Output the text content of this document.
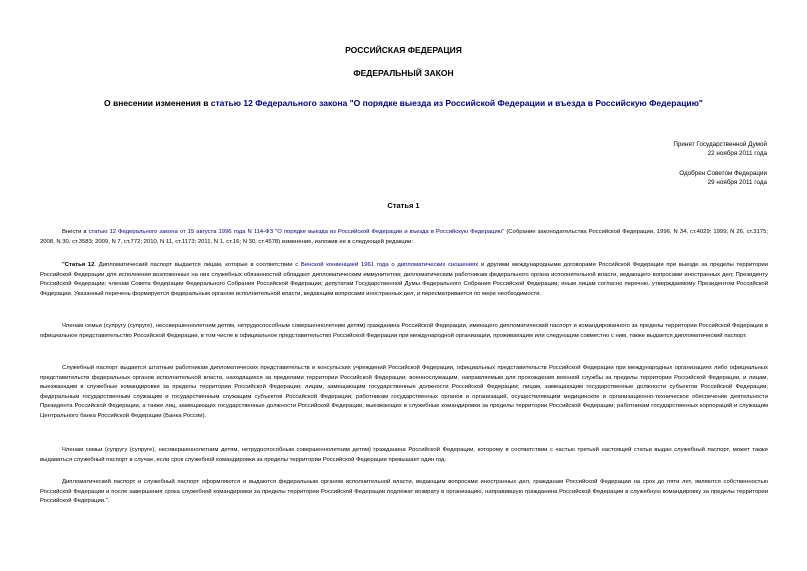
РОССИЙСКАЯ ФЕДЕРАЦИЯ
ФЕДЕРАЛЬНЫЙ ЗАКОН
О внесении изменения в статью 12 Федерального закона "О порядке выезда из Российской Федерации и въезда в Российскую Федерацию"
Принят Государственной Думой
22 ноября 2011 года
Одобрен Советом Федерации
29 ноября 2011 года
Статья 1
Внести в статью 12 Федерального закона от 15 августа 1996 года N 114-ФЗ "О порядке выезда из Российской Федерации и въезда в Российскую Федерацию" (Собрание законодательства Российской Федерации, 1996, N 34, ст.4029; 1999, N 26, ст.3175; 2008, N 30, ст.3583; 2009, N 7, ст.772; 2010, N 11, ст.1173; 2011, N 1, ст.16; N 30, ст.4578) изменение, изложив ее в следующей редакции:
"Статья 12. Дипломатический паспорт выдается лицам, которые в соответствии с Венской конвенцией 1961 года о дипломатических сношениях и другими международными договорами Российской Федерации при выезде за пределы территории Российской Федерации для исполнения возложенных на них служебных обязанностей обладают дипломатическим иммунитетом; дипломатическим работникам федерального органа исполнительной власти, ведающего вопросами иностранных дел; Президенту Российской Федерации; членам Совета Федерации Федерального Собрания Российской Федерации; депутатам Государственной Думы Федерального Собрания Российской Федерации; иным лицам согласно перечню, утверждаемому Президентом Российской Федерации. Указанный перечень формируется федеральным органом исполнительной власти, ведающим вопросами иностранных дел, и пересматривается по мере необходимости.
Членам семьи (супругу (супруге), несовершеннолетним детям, нетрудоспособным совершеннолетним детям) гражданина Российской Федерации, имеющего дипломатический паспорт и командированного за пределы территории Российской Федерации в официальное представительство Российской Федерации, в том числе в официальное представительство Российской Федерации при международной организации, проживающим или следующим совместно с ним, также выдается дипломатический паспорт.
Служебный паспорт выдается штатным работникам дипломатических представительств и консульских учреждений Российской Федерации, официальных представительств Российской Федерации при международных организациях либо официальных представительств федеральных органов исполнительной власти, находящихся за пределами территории Российской Федерации; военнослужащим, направляемым для прохождения военной службы за пределы территории Российской Федерации, и лицам, выезжающим в служебные командировки за пределы территории Российской Федерации; лицам, замещающим государственные должности Российской Федерации; лицам, замещающим государственные должности субъектов Российской Федерации; федеральным государственным служащим и государственным служащим субъектов Российской Федерации; работникам государственных органов и организаций, осуществляющим медицинское и организационно-техническое обеспечение деятельности Президента Российской Федерации, а также лиц, замещающих государственные должности Российской Федерации, выезжающих в служебные командировки за пределы территории Российской Федерации; работникам государственных корпораций и служащим Центрального банка Российской Федерации (Банка России).
Членам семьи (супругу (супруге), несовершеннолетним детям, нетрудоспособным совершеннолетним детям) гражданина Российской Федерации, которому в соответствии с частью третьей настоящей статьи выдан служебный паспорт, может также выдаваться служебный паспорт в случае, если срок служебной командировки за пределы территории Российской Федерации превышает один год.
Дипломатический паспорт и служебный паспорт оформляются и выдаются федеральным органом исполнительной власти, ведающим вопросами иностранных дел, гражданам Российской Федерации на срок до пяти лет, являются собственностью Российской Федерации и после завершения срока служебной командировки за пределы территории Российской Федерации подлежат возврату в организацию, направившую гражданина Российской Федерации в служебную командировку за пределы территории Российской Федерации.".
